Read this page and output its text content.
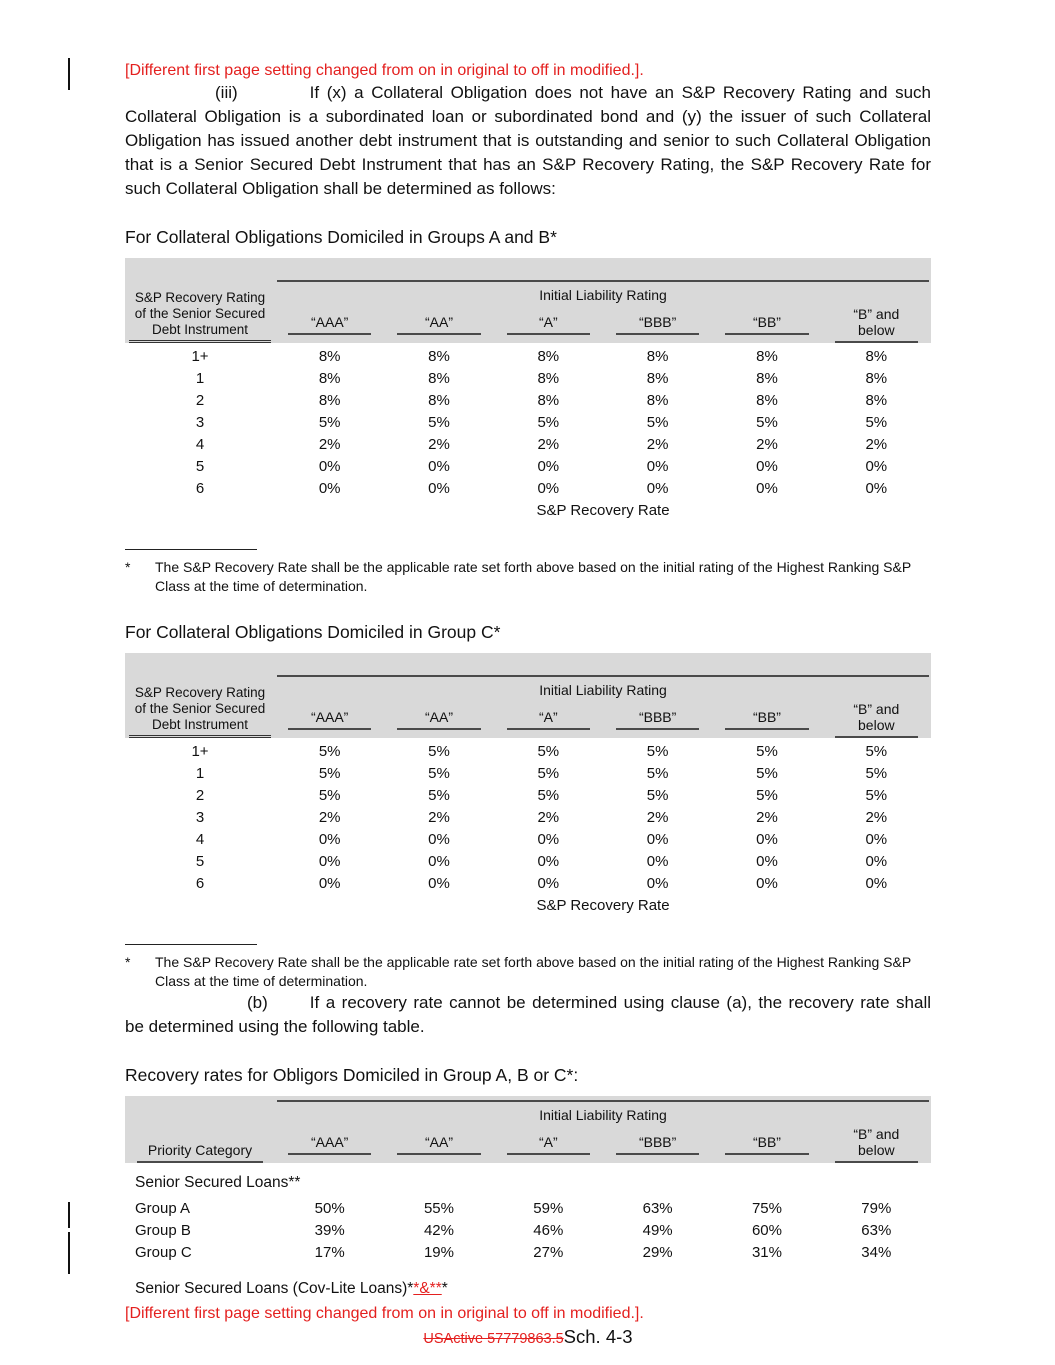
[Different first page setting changed from on in original to off in modified.].

(iii)	If (x) a Collateral Obligation does not have an S&P Recovery Rating and such Collateral Obligation is a subordinated loan or subordinated bond and (y) the issuer of such Collateral Obligation has issued another debt instrument that is outstanding and senior to such Collateral Obligation that is a Senior Secured Debt Instrument that has an S&P Recovery Rating, the S&P Recovery Rate for such Collateral Obligation shall be determined as follows:

For Collateral Obligations Domiciled in Groups A and B*
S&P Recovery Rating of the Senior Secured Debt Instrument	Initial Liability Rating					

	“AAA”	“AA”	“A”	“BBB”	“BB”	“B” and below

1+	8%	8%	8%	8%	8%	8%
1	8%	8%	8%	8%	8%	8%
2	8%	8%	8%	8%	8%	8%
3	5%	5%	5%	5%	5%	5%
4	2%	2%	2%	2%	2%	2%
5	0%	0%	0%	0%	0%	0%
6	0%	0%	0%	0%	0%	0%
	S&P Recovery Rate					
*	The S&P Recovery Rate shall be the applicable rate set forth above based on the initial rating of the Highest Ranking S&P Class at the time of determination.
For Collateral Obligations Domiciled in Group C*
S&P Recovery Rating of the Senior Secured Debt Instrument	Initial Liability Rating					

	“AAA”	“AA”	“A”	“BBB”	“BB”	“B” and below

1+	5%	5%	5%	5%	5%	5%
1	5%	5%	5%	5%	5%	5%
2	5%	5%	5%	5%	5%	5%
3	2%	2%	2%	2%	2%	2%
4	0%	0%	0%	0%	0%	0%
5	0%	0%	0%	0%	0%	0%
6	0%	0%	0%	0%	0%	0%
	S&P Recovery Rate					
*	The S&P Recovery Rate shall be the applicable rate set forth above based on the initial rating of the Highest Ranking S&P Class at the time of determination.

(b) If a recovery rate cannot be determined using clause (a), the recovery rate shall be determined using the following table.

Recovery rates for Obligors Domiciled in Group A, B or C*:
Priority Category	Initial Liability Rating					

	“AAA”	“AA”	“A”	“BBB”	“BB”	“B” and below

Senior Secured Loans**						
Group A	50%	55%	59%	63%	75%	79%
Group B	39%	42%	46%	49%	60%	63%
Group C	17%	19%	27%	29%	31%	34%
Senior Secured Loans (Cov-Lite Loans)**&***
[Different first page setting changed from on in original to off in modified.].
USActive 57779863.5 Sch. 4-3
